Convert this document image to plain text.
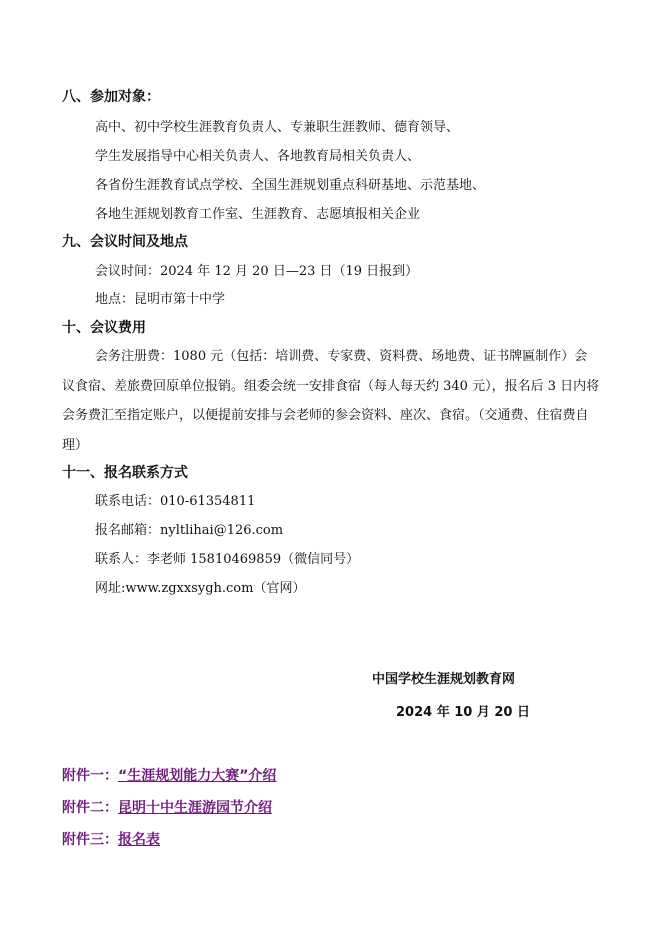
八、参加对象：
高中、初中学校生涯教育负责人、专兼职生涯教师、德育领导、
学生发展指导中心相关负责人、各地教育局相关负责人、
各省份生涯教育试点学校、全国生涯规划重点科研基地、示范基地、
各地生涯规划教育工作室、生涯教育、志愿填报相关企业
九、会议时间及地点
会议时间：2024 年 12 月 20 日—23 日（19 日报到）
地点：昆明市第十中学
十、会议费用
会务注册费：1080 元（包括：培训费、专家费、资料费、场地费、证书牌匾制作）会议食宿、差旅费回原单位报销。组委会统一安排食宿（每人每天约 340 元），报名后 3 日内将会务费汇至指定账户，以便提前安排与会老师的参会资料、座次、食宿。（交通费、住宿费自理）
十一、报名联系方式
联系电话：010-61354811
报名邮箱：nyltlihai@126.com
联系人：李老师 15810469859（微信同号）
网址:www.zgxxsygh.com（官网）
中国学校生涯规划教育网
2024 年 10 月 20 日
附件一：“生涯规划能力大赛”介绍
附件二：昆明十中生涯游园节介绍
附件三：报名表
